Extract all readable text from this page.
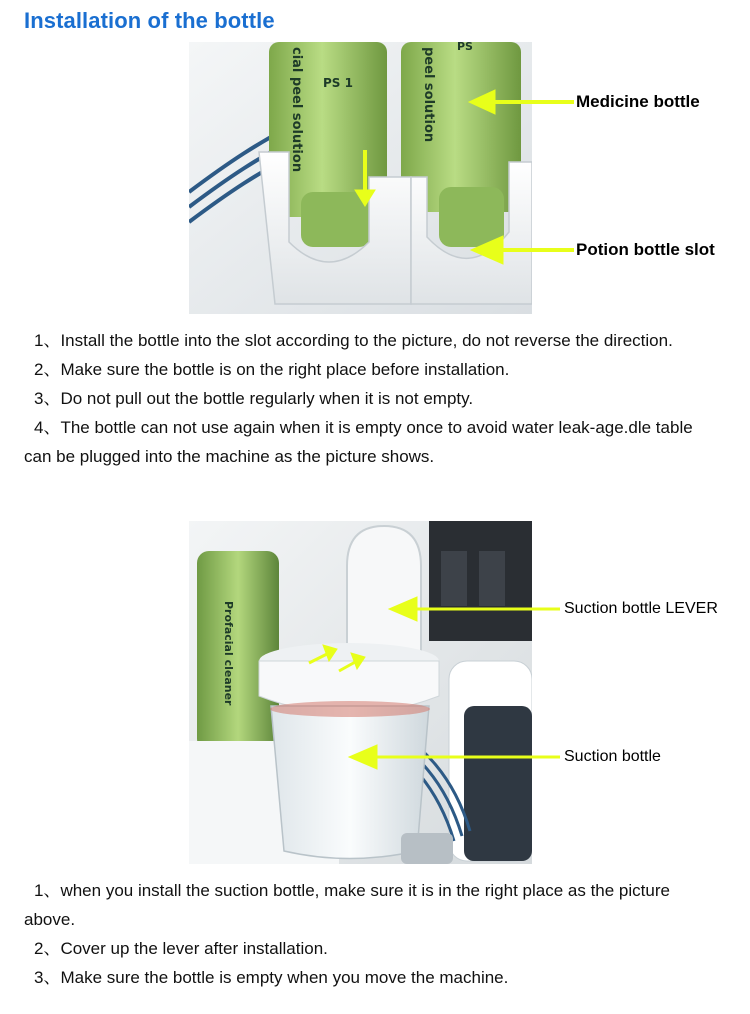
Installation of the bottle
cial peel solution PS 1	peel solution
PS
Medicine bottle
Potion bottle slot

1、Install the bottle into the slot according to the picture, do not reverse the direction.

2、Make sure the bottle is on the right place before installation.

3、Do not pull out the bottle regularly when it is not empty.

4、The bottle can not use again when it is empty once to avoid water leak-age.dle table can be plugged into the machine as the picture shows.

Profacial cleaner	Suction bottle LEVER
Suction bottle

1、when you install the suction bottle, make sure it is in the right place as the picture above.

2、Cover up the lever after installation.

3、Make sure the bottle is empty when you move the machine.
